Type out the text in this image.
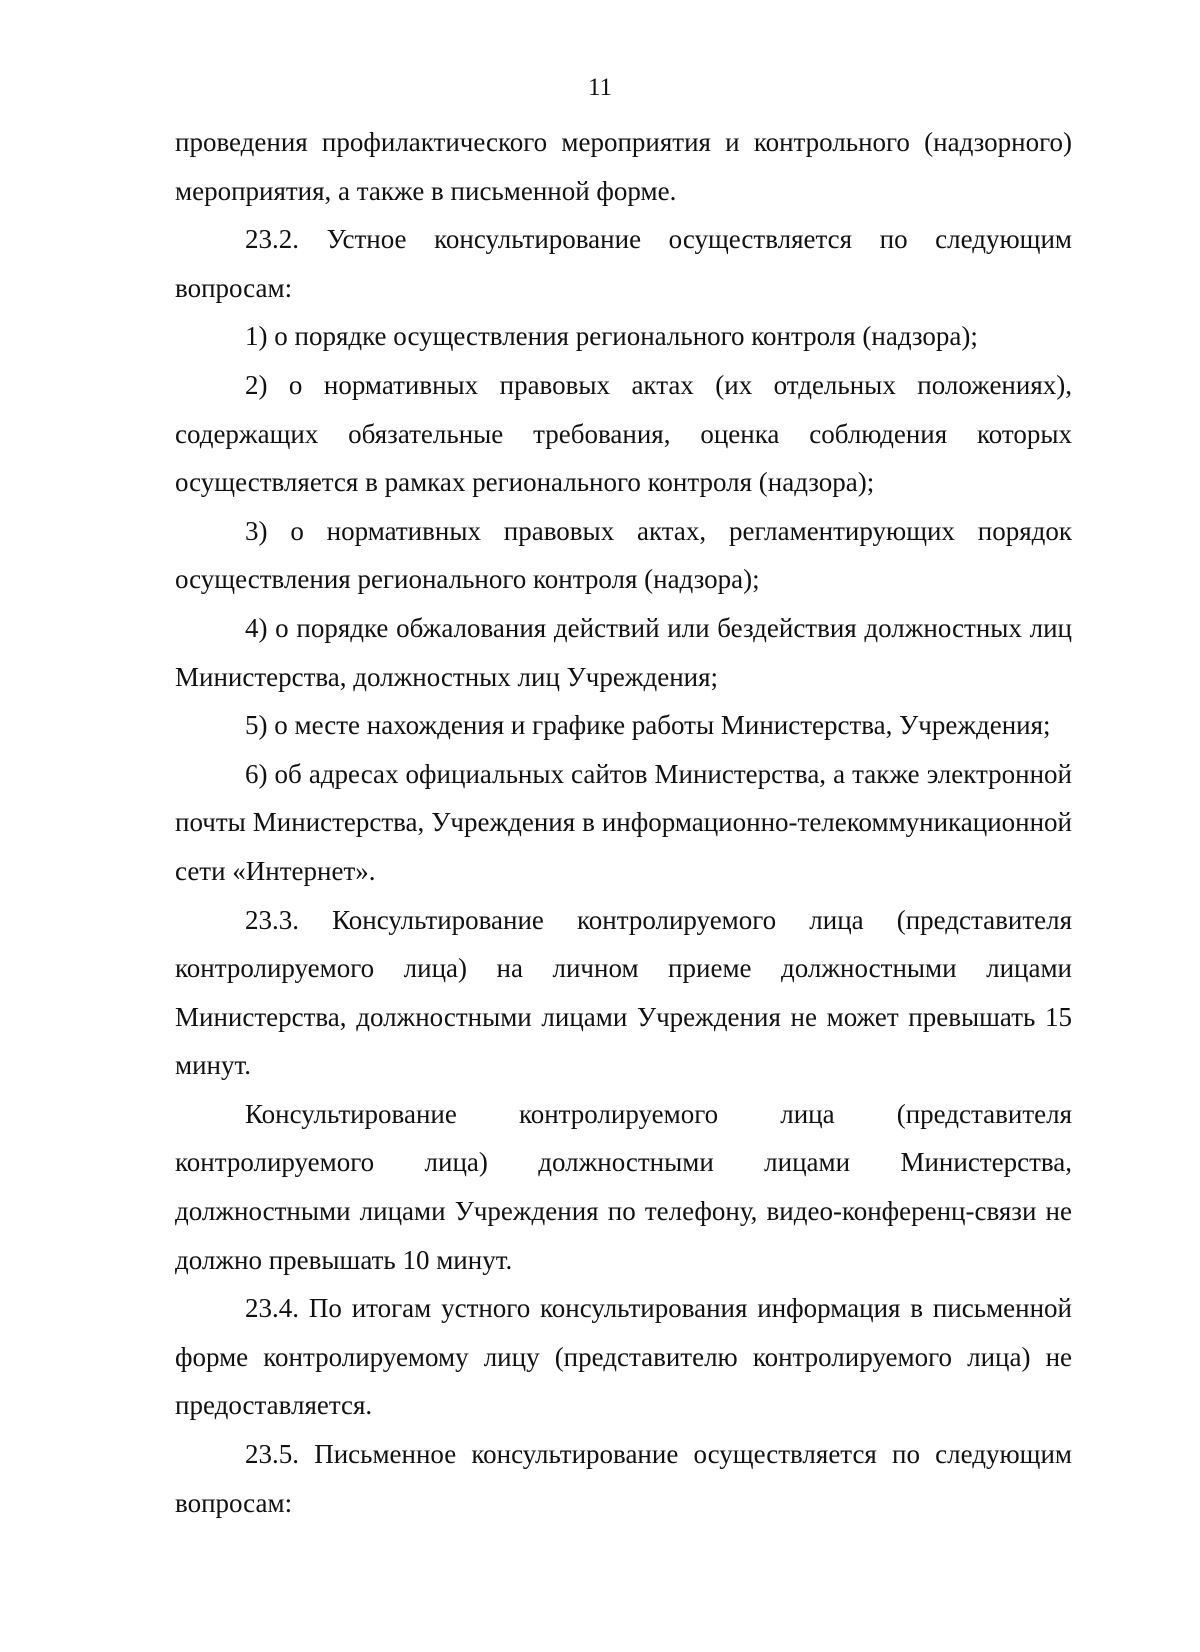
11

проведения профилактического мероприятия и контрольного (надзорного) мероприятия, а также в письменной форме.

23.2. Устное консультирование осуществляется по следующим вопросам:

1) о порядке осуществления регионального контроля (надзора);

2) о нормативных правовых актах (их отдельных положениях), содержащих обязательные требования, оценка соблюдения которых осуществляется в рамках регионального контроля (надзора);

3) о нормативных правовых актах, регламентирующих порядок осуществления регионального контроля (надзора);

4) о порядке обжалования действий или бездействия должностных лиц Министерства, должностных лиц Учреждения;

5) о месте нахождения и графике работы Министерства, Учреждения;

6) об адресах официальных сайтов Министерства, а также электронной почты Министерства, Учреждения в информационно-телекоммуникационной сети «Интернет».

23.3. Консультирование контролируемого лица (представителя контролируемого лица) на личном приеме должностными лицами Министерства, должностными лицами Учреждения не может превышать 15 минут.

Консультирование контролируемого лица (представителя контролируемого лица) должностными лицами Министерства, должностными лицами Учреждения по телефону, видео-конференц-связи не должно превышать 10 минут.

23.4. По итогам устного консультирования информация в письменной форме контролируемому лицу (представителю контролируемого лица) не предоставляется.

23.5. Письменное консультирование осуществляется по следующим вопросам:
